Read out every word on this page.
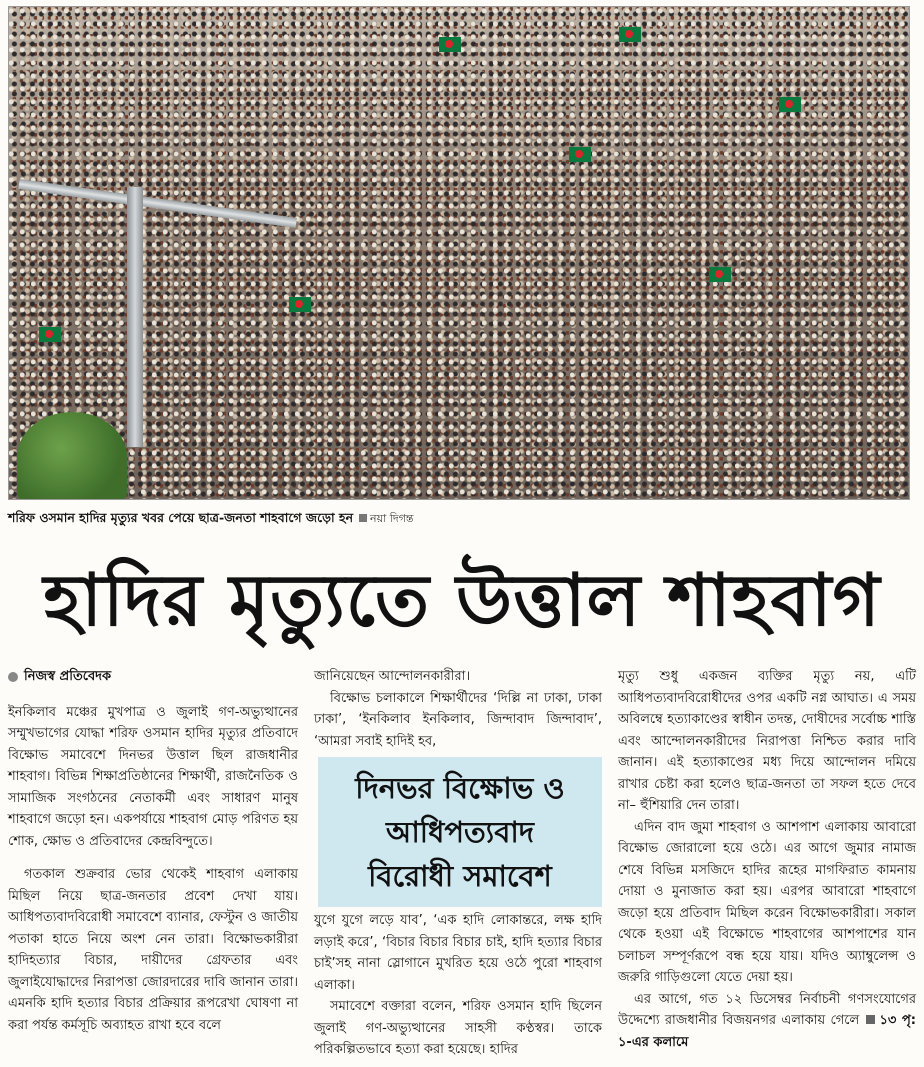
শরিফ ওসমান হাদির মৃত্যুর খবর পেয়ে ছাত্র-জনতা শাহবাগে জড়ো হন নয়া দিগন্ত
হাদির মৃত্যুতে উত্তাল শাহবাগ
নিজস্ব প্রতিবেদক

ইনকিলাব মঞ্চের মুখপাত্র ও জুলাই গণ-অভ্যুত্থানের সম্মুখভাগের যোদ্ধা শরিফ ওসমান হাদির মৃত্যুর প্রতিবাদে বিক্ষোভ সমাবেশে দিনভর উত্তাল ছিল রাজধানীর শাহবাগ। বিভিন্ন শিক্ষাপ্রতিষ্ঠানের শিক্ষার্থী, রাজনৈতিক ও সামাজিক সংগঠনের নেতাকর্মী এবং সাধারণ মানুষ শাহবাগে জড়ো হন। একপর্যায়ে শাহবাগ মোড় পরিণত হয় শোক, ক্ষোভ ও প্রতিবাদের কেন্দ্রবিন্দুতে।

গতকাল শুক্রবার ভোর থেকেই শাহবাগ এলাকায় মিছিল নিয়ে ছাত্র-জনতার প্রবেশ দেখা যায়। আধিপত্যবাদবিরোধী সমাবেশে ব্যানার, ফেস্টুন ও জাতীয় পতাকা হাতে নিয়ে অংশ নেন তারা। বিক্ষোভকারীরা হাদিহত্যার বিচার, দায়ীদের গ্রেফতার এবং জুলাইযোদ্ধাদের নিরাপত্তা জোরদারের দাবি জানান তারা। এমনকি হাদি হত্যার বিচার প্রক্রিয়ার রূপরেখা ঘোষণা না করা পর্যন্ত কর্মসূচি অব্যাহত রাখা হবে বলে

জানিয়েছেন আন্দোলনকারীরা।

বিক্ষোভ চলাকালে শিক্ষার্থীদের ‘দিল্লি না ঢাকা, ঢাকা ঢাকা’, ‘ইনকিলাব ইনকিলাব, জিন্দাবাদ জিন্দাবাদ’, ‘আমরা সবাই হাদিই হব,

যুগে যুগে লড়ে যাব’, ‘এক হাদি লোকান্তরে, লক্ষ হাদি লড়াই করে’, ‘বিচার বিচার বিচার চাই, হাদি হত্যার বিচার চাই’সহ নানা স্লোগানে মুখরিত হয়ে ওঠে পুরো শাহবাগ এলাকা।

সমাবেশে বক্তারা বলেন, শরিফ ওসমান হাদি ছিলেন জুলাই গণ-অভ্যুত্থানের সাহসী কণ্ঠস্বর। তাকে পরিকল্পিতভাবে হত্যা করা হয়েছে। হাদির

দিনভর বিক্ষোভ ও
আধিপত্যবাদ
বিরোধী সমাবেশ

মৃত্যু শুধু একজন ব্যক্তির মৃত্যু নয়, এটি আধিপত্যবাদবিরোধীদের ওপর একটি নগ্ন আঘাত। এ সময় অবিলম্বে হত্যাকাণ্ডের স্বাধীন তদন্ত, দোষীদের সর্বোচ্চ শাস্তি এবং আন্দোলনকারীদের নিরাপত্তা নিশ্চিত করার দাবি জানান। এই হত্যাকাণ্ডের মধ্য দিয়ে আন্দোলন দমিয়ে রাখার চেষ্টা করা হলেও ছাত্র-জনতা তা সফল হতে দেবে না– হুঁশিয়ারি দেন তারা।

এদিন বাদ জুমা শাহবাগ ও আশপাশ এলাকায় আবারো বিক্ষোভ জোরালো হয়ে ওঠে। এর আগে জুমার নামাজ শেষে বিভিন্ন মসজিদে হাদির রূহের মাগফিরাত কামনায় দোয়া ও মুনাজাত করা হয়। এরপর আবারো শাহবাগে জড়ো হয়ে প্রতিবাদ মিছিল করেন বিক্ষোভকারীরা। সকাল থেকে হওয়া এই বিক্ষোভে শাহবাগের আশপাশের যান চলাচল সম্পূর্ণরূপে বন্ধ হয়ে যায়। যদিও অ্যাম্বুলেন্স ও জরুরি গাড়িগুলো যেতে দেয়া হয়।

এর আগে, গত ১২ ডিসেম্বর নির্বাচনী গণসংযোগের উদ্দেশ্যে রাজধানীর বিজয়নগর এলাকায় গেলে ১৩ পৃ: ১-এর কলামে
